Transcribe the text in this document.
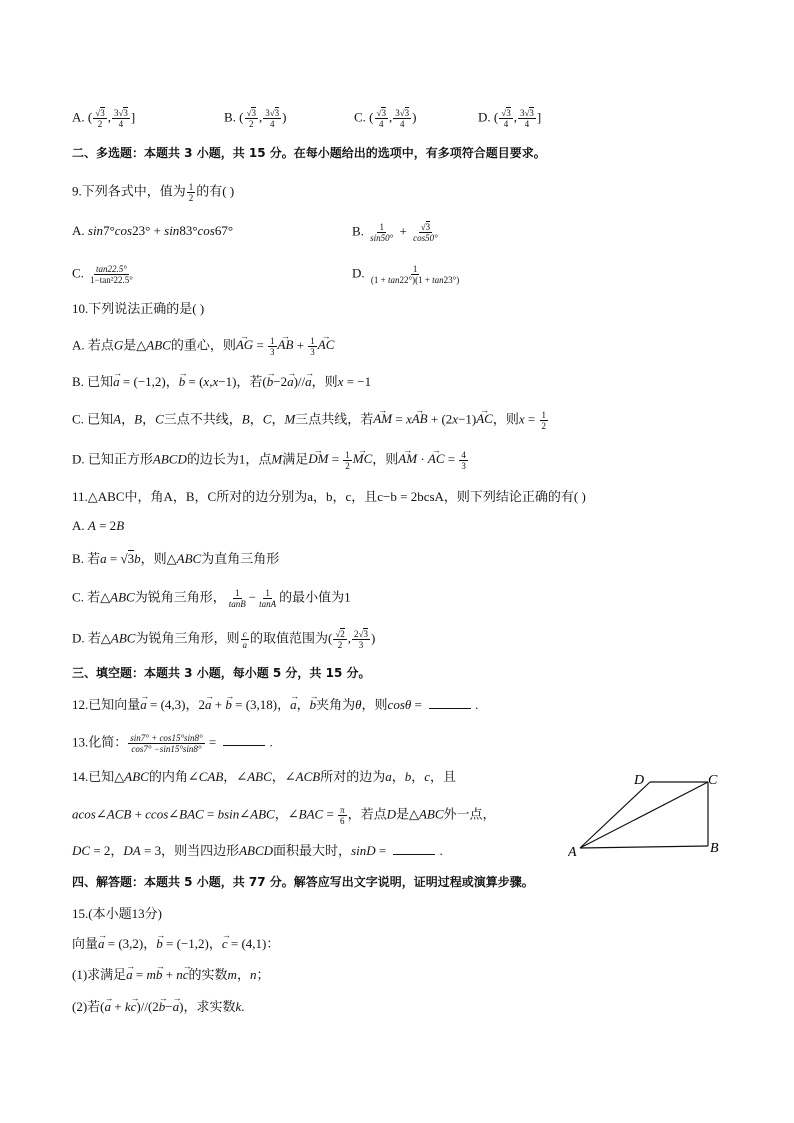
A. ( $\frac{√3}{2}$ , $\frac{3√3}{4}$ ]	B. ( $\frac{√3}{2}$ , $\frac{3√3}{4}$ )	C. ( $\frac{√3}{4}$ , $\frac{3√3}{4}$ )	D. ( $\frac{√3}{4}$ , $\frac{3√3}{4}$ ]
二、多选题：本题共 3 小题，共 15 分。在每小题给出的选项中，有多项符合题目要求。
9.下列各式中，值为 $\frac{1}{2}$ 的有( )
A. sin7°cos23° + sin83°cos67°	B. $\frac{1}{\sin 50^\circ} + \frac{√3}{\cos 50^\circ}$
C. $\frac{\tan 22.5^\circ}{\text{1−tan²22.5°}}$	D. $\frac{1}{(1 + \tan 22^\circ)(1 + \tan 23^\circ)}$
10.下列说法正确的是( )
A. 若点G是△ABC的重心，则→ AG = $\frac{1}{3}$ → AB + $\frac{1}{3}$ → AC
B. 已知→ a = (−1,2)，→ b = (x,x−1)，若(→ b−2→ a)//→ a，则x = −1
C. 已知A，B，C三点不共线，B，C，M三点共线，若→ AM = x→ AB + (2x−1)→ AC，则$x = \frac{1}{2}$
D. 已知正方形ABCD的边长为1，点M满足→ DM = $\frac{1}{2}$ → MC，则→ AM · → AC = $\frac{4}{3}$
11.△ABC中，角A，B，C所对的边分别为a，b，c，且c−b = 2bcsA，则下列结论正确的有( )
A. A = 2B
B. 若a = √3b，则△ABC为直角三角形
C. 若△ABC为锐角三角形， $\frac{1}{\tan B} - \frac{1}{\tan A}$ 的最小值为1
D. 若△ABC为锐角三角形，则 $\frac{c}{a}$ 的取值范围为( $\frac{√2}{2}$ , $\frac{2√3}{3}$ )
三、填空题：本题共 3 小题，每小题 5 分，共 15 分。
12.已知向量→ a = (4,3)，2→ a + → b = (3,18)，→ a，→ b夹角为θ，则cosθ =	.
13.化简： $\frac{\sin 7^\circ + \cos 15^\circ\sin 8^\circ}{\cos 7^\circ -\sin 15^\circ\sin 8^\circ}$ =	.
14.已知△ABC的内角∠CAB，∠ABC，∠ACB所对的边为a，b，c，且
acos∠ACB + ccos∠BAC = bsin∠ABC，∠BAC = $\frac{\pi}{6}$ ，若点D是△ABC外一点，
DC = 2，DA = 3，则当四边形ABCD面积最大时，sinD =	.
D	C
A	B
四、解答题：本题共 5 小题，共 77 分。解答应写出文字说明，证明过程或演算步骤。
15.(本小题13分)
向量→ a = (3,2)，→ b = (−1,2)，→ c = (4,1)：
(1)求满足→ a = m→ b + n→ c的实数m，n；
(2)若(→ a + k→ c)//(2→ b−→ a)，求实数k.
